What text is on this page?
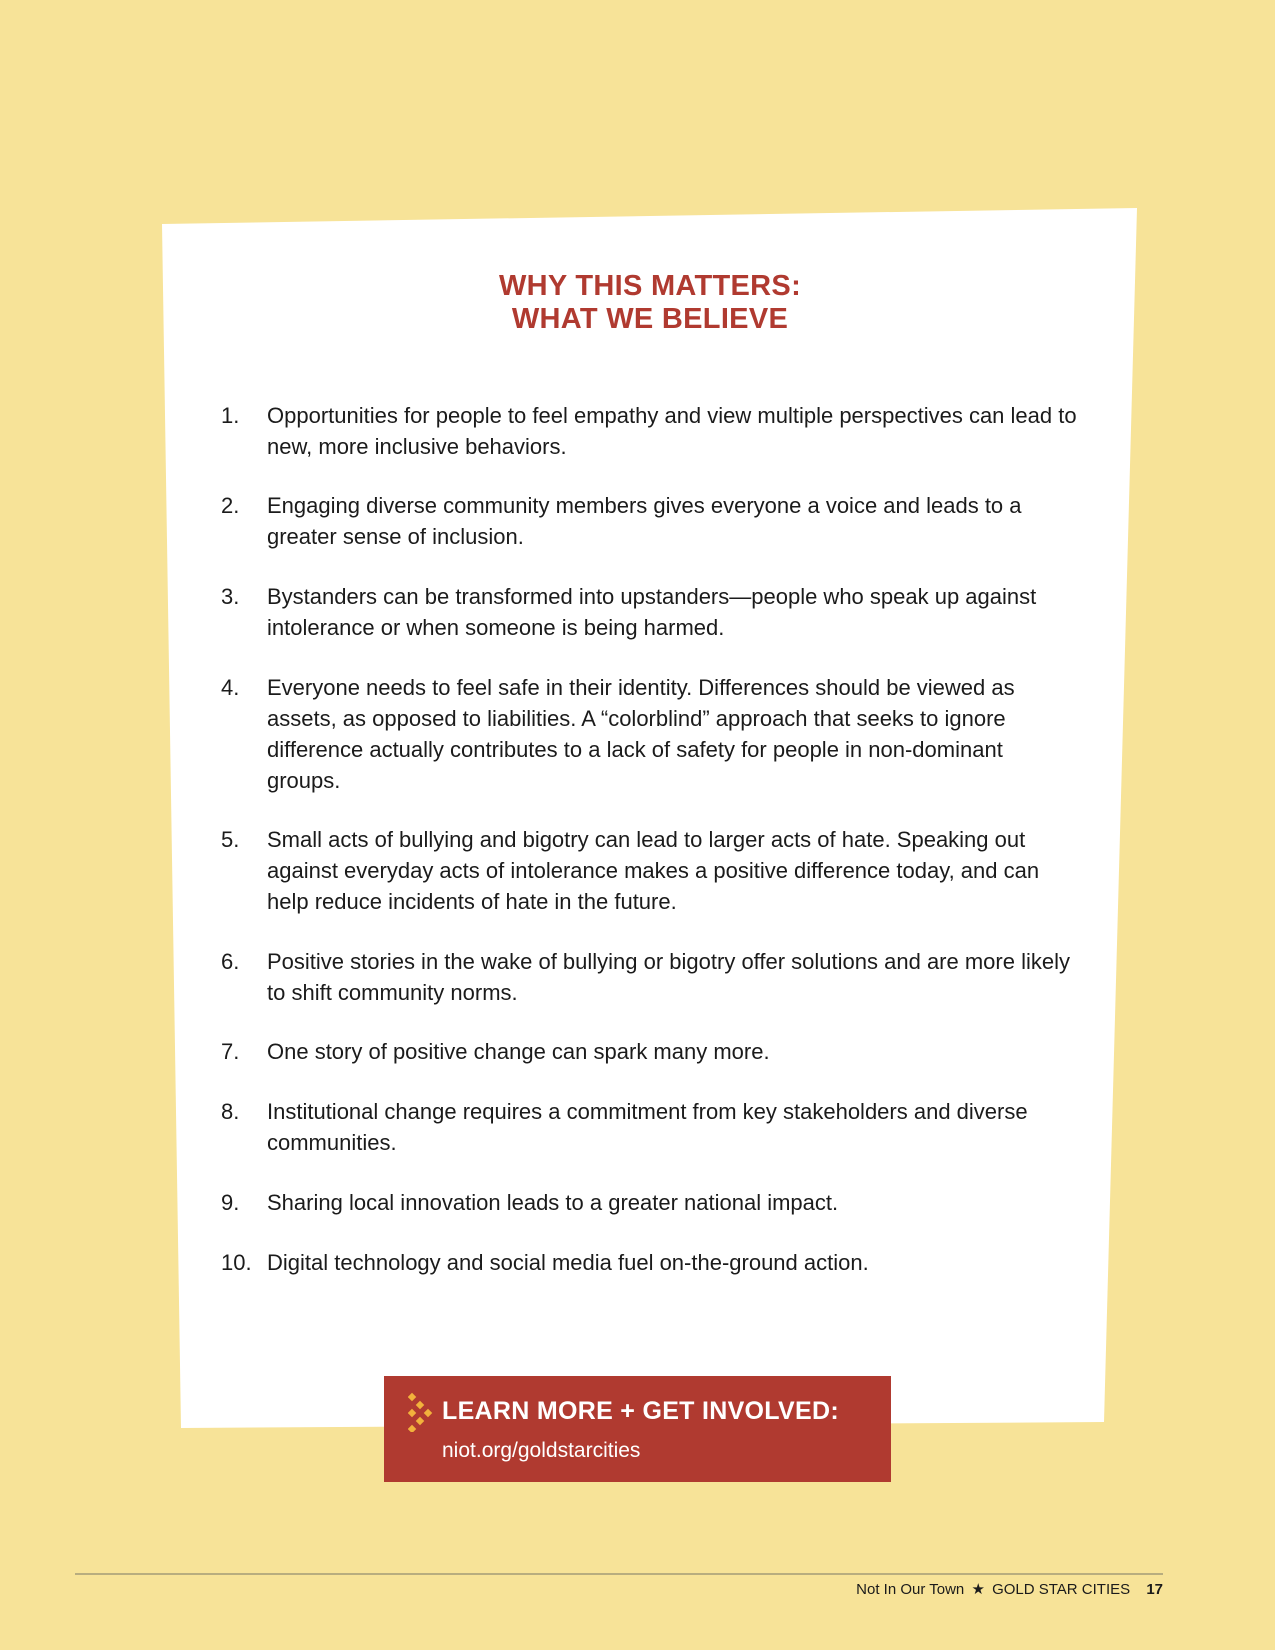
WHY THIS MATTERS:
WHAT WE BELIEVE
1.	Opportunities for people to feel empathy and view multiple perspectives can lead to new, more inclusive behaviors.
2.	Engaging diverse community members gives everyone a voice and leads to a greater sense of inclusion.
3.	Bystanders can be transformed into upstanders—people who speak up against intolerance or when someone is being harmed.
4.	Everyone needs to feel safe in their identity. Differences should be viewed as assets, as opposed to liabilities. A “colorblind” approach that seeks to ignore difference actually contributes to a lack of safety for people in non-dominant groups.
5.	Small acts of bullying and bigotry can lead to larger acts of hate. Speaking out against everyday acts of intolerance makes a positive difference today, and can help reduce incidents of hate in the future.
6.	Positive stories in the wake of bullying or bigotry offer solutions and are more likely to shift community norms.
7.	One story of positive change can spark many more.
8.	Institutional change requires a commitment from key stakeholders and diverse communities.
9.	Sharing local innovation leads to a greater national impact.
10. Digital technology and social media fuel on-the-ground action.
LEARN MORE + GET INVOLVED:
niot.org/goldstarcities
Not In Our Town ★ GOLD STAR CITIES 17
